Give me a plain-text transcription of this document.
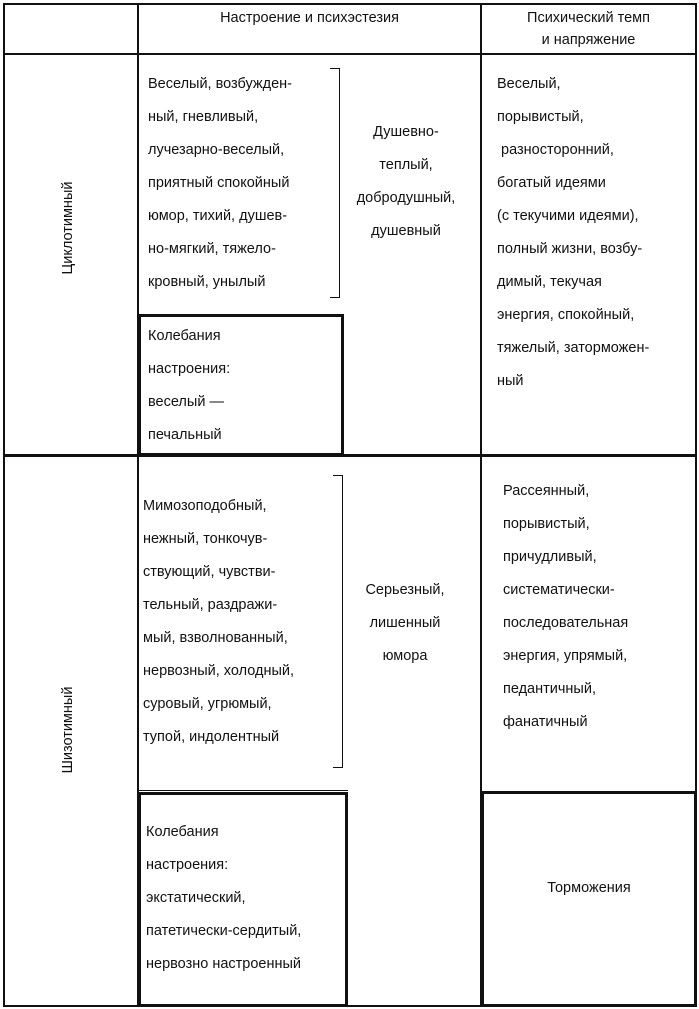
Настроение и психэстезия	Психический темп
и напряжение
Циклотимный
Шизотимный
Веселый, возбужден-
ный, гневливый,
лучезарно-веселый,
приятный спокойный
юмор, тихий, душев-
но-мягкий, тяжело-
кровный, унылый
Душевно-
теплый,
добродушный,
душевный
Колебания
настроения:
веселый —
печальный
Веселый,
порывистый,
разносторонний,
богатый идеями
(с текучими идеями),
полный жизни, возбу-
димый, текучая
энергия, спокойный,
тяжелый, заторможен-
ный
Мимозоподобный,
нежный, тонкочув-
ствующий, чувстви-
тельный, раздражи-
мый, взволнованный,
нервозный, холодный,
суровый, угрюмый,
тупой, индолентный
Серьезный,
лишенный
юмора
Колебания
настроения:
экстатический,
патетически-сердитый,
нервозно настроенный
Рассеянный,
порывистый,
причудливый,
систематически-
последовательная
энергия, упрямый,
педантичный,
фанатичный
Торможения
